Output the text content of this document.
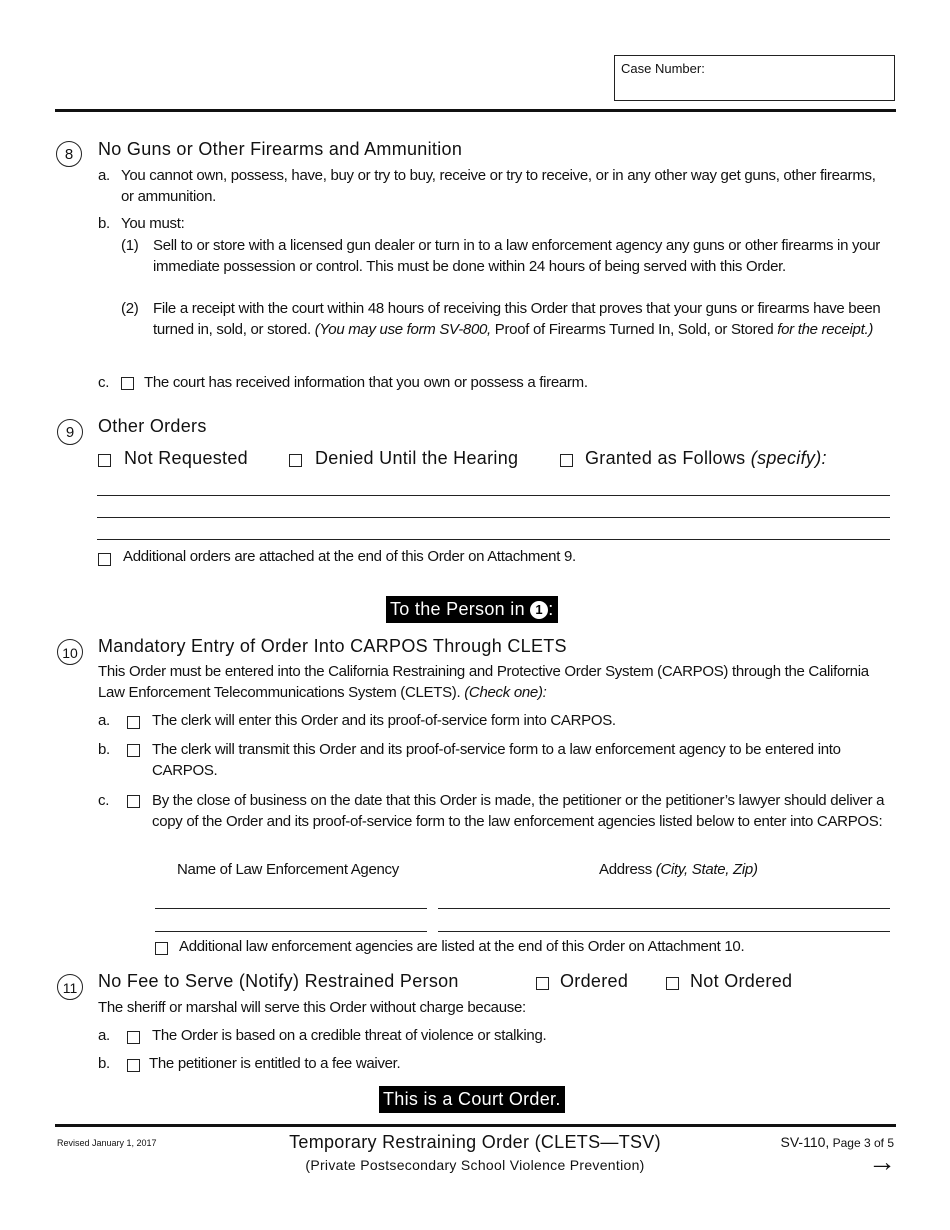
Case Number:
8	No Guns or Other Firearms and Ammunition
a. You cannot own, possess, have, buy or try to buy, receive or try to receive, or in any other way get guns, other firearms, or ammunition.
b. You must:
(1) Sell to or store with a licensed gun dealer or turn in to a law enforcement agency any guns or other firearms in your immediate possession or control. This must be done within 24 hours of being served with this Order.
(2) File a receipt with the court within 48 hours of receiving this Order that proves that your guns or firearms have been turned in, sold, or stored. (You may use form SV-800, Proof of Firearms Turned In, Sold, or Stored for the receipt.)
c. The court has received information that you own or possess a firearm.
9	Other Orders
Not Requested	Denied Until the Hearing	Granted as Follows (specify):
Additional orders are attached at the end of this Order on Attachment 9.
To the Person in 1 :
10 Mandatory Entry of Order Into CARPOS Through CLETS
This Order must be entered into the California Restraining and Protective Order System (CARPOS) through the California Law Enforcement Telecommunications System (CLETS). (Check one):
a.	The clerk will enter this Order and its proof-of-service form into CARPOS.
b.	The clerk will transmit this Order and its proof-of-service form to a law enforcement agency to be entered into CARPOS.
c.	By the close of business on the date that this Order is made, the petitioner or the petitioner’s lawyer should deliver a copy of the Order and its proof-of-service form to the law enforcement agencies listed below to enter into CARPOS:
Name of Law Enforcement Agency	Address (City, State, Zip)
Additional law enforcement agencies are listed at the end of this Order on Attachment 10.
11	No Fee to Serve (Notify) Restrained Person	Ordered	Not Ordered
The sheriff or marshal will serve this Order without charge because:
a.	The Order is based on a credible threat of violence or stalking.
b.	The petitioner is entitled to a fee waiver.
This is a Court Order.
Revised January 1, 2017	Temporary Restraining Order (CLETS—TSV)
(Private Postsecondary School Violence Prevention)
SV-110, Page 3 of 5
→
